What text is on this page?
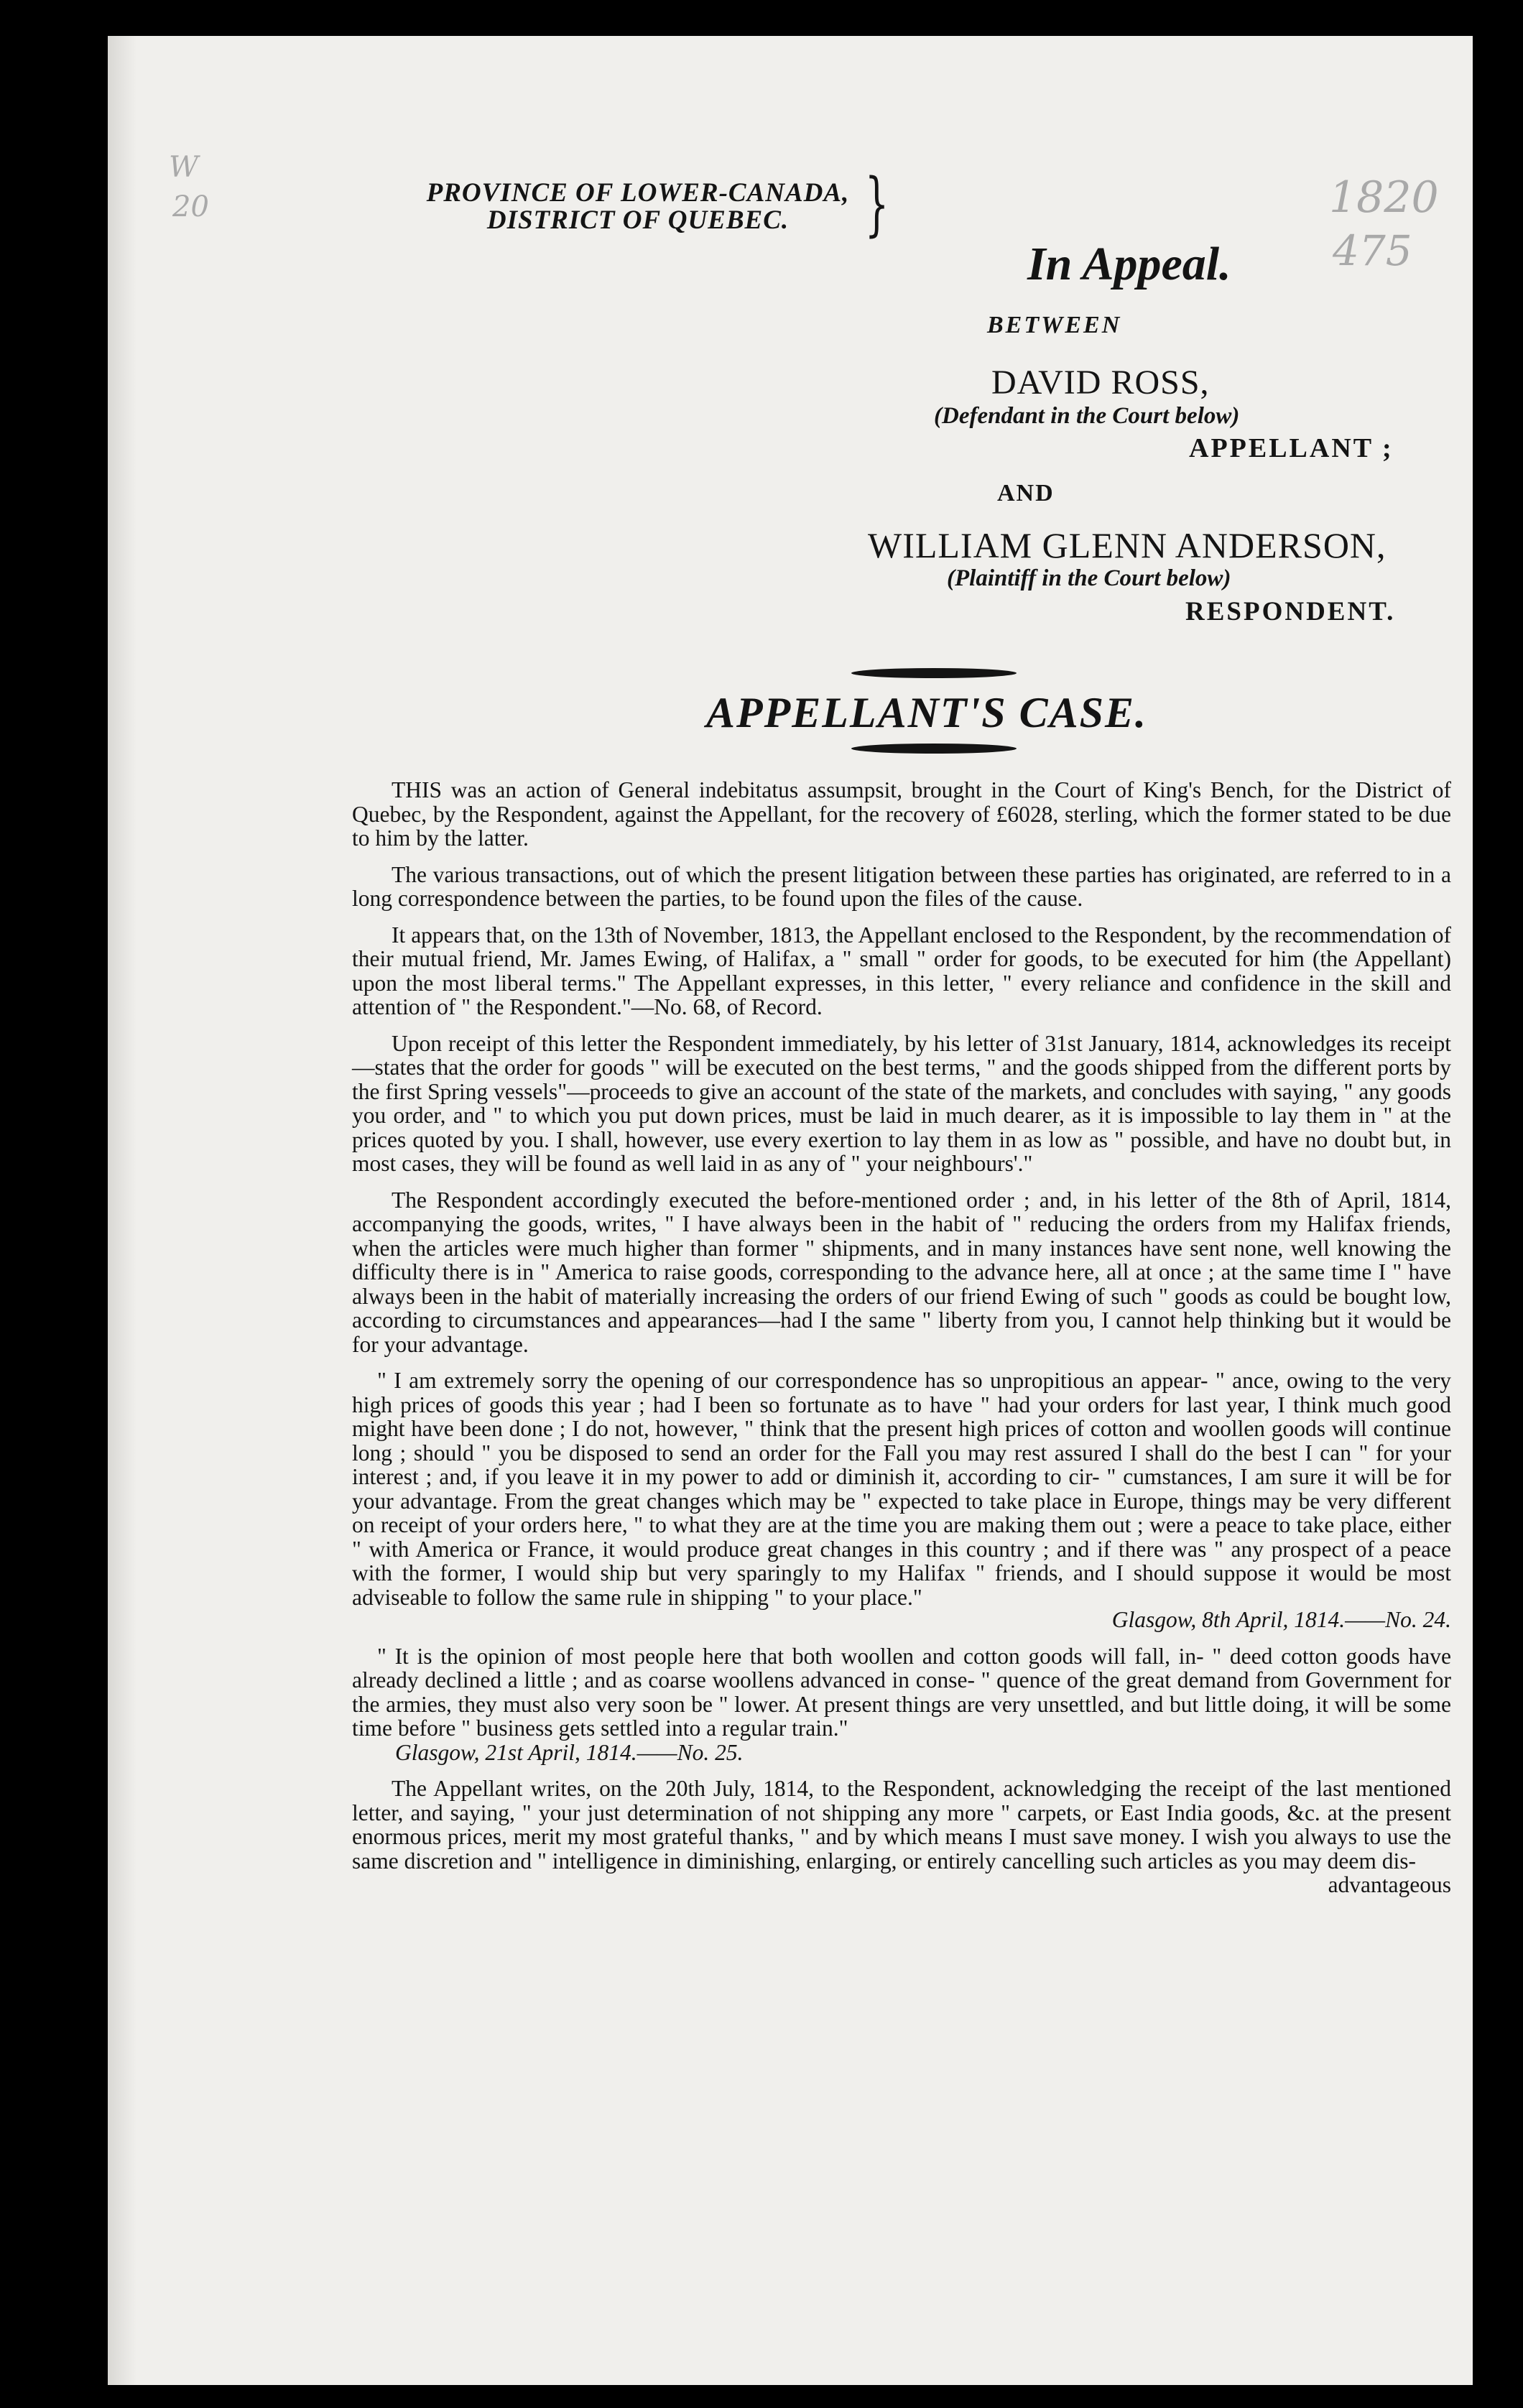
W
20	1820
475
PROVINCE OF LOWER-CANADA,
DISTRICT OF QUEBEC.	}
In Appeal.
BETWEEN
DAVID ROSS,
(Defendant in the Court below)
APPELLANT ;
AND
WILLIAM GLENN ANDERSON,
(Plaintiff in the Court below)
RESPONDENT.
APPELLANT'S CASE.

THIS was an action of General indebitatus assumpsit, brought in the Court of King's Bench, for the District of Quebec, by the Respondent, against the Appellant, for the recovery of £6028, sterling, which the former stated to be due to him by the latter.

The various transactions, out of which the present litigation between these parties has originated, are referred to in a long correspondence between the parties, to be found upon the files of the cause.

It appears that, on the 13th of November, 1813, the Appellant enclosed to the Respondent, by the recommendation of their mutual friend, Mr. James Ewing, of Halifax, a " small " order for goods, to be executed for him (the Appellant) upon the most liberal terms." The Appellant expresses, in this letter, " every reliance and confidence in the skill and attention of " the Respondent."—No. 68, of Record.

Upon receipt of this letter the Respondent immediately, by his letter of 31st January, 1814, acknowledges its receipt—states that the order for goods " will be executed on the best terms, " and the goods shipped from the different ports by the first Spring vessels"—proceeds to give an account of the state of the markets, and concludes with saying, " any goods you order, and " to which you put down prices, must be laid in much dearer, as it is impossible to lay them in " at the prices quoted by you. I shall, however, use every exertion to lay them in as low as " possible, and have no doubt but, in most cases, they will be found as well laid in as any of " your neighbours'."

The Respondent accordingly executed the before-mentioned order ; and, in his letter of the 8th of April, 1814, accompanying the goods, writes, " I have always been in the habit of " reducing the orders from my Halifax friends, when the articles were much higher than former " shipments, and in many instances have sent none, well knowing the difficulty there is in " America to raise goods, corresponding to the advance here, all at once ; at the same time I " have always been in the habit of materially increasing the orders of our friend Ewing of such " goods as could be bought low, according to circumstances and appearances—had I the same " liberty from you, I cannot help thinking but it would be for your advantage.

" I am extremely sorry the opening of our correspondence has so unpropitious an appear- " ance, owing to the very high prices of goods this year ; had I been so fortunate as to have " had your orders for last year, I think much good might have been done ; I do not, however, " think that the present high prices of cotton and woollen goods will continue long ; should " you be disposed to send an order for the Fall you may rest assured I shall do the best I can " for your interest ; and, if you leave it in my power to add or diminish it, according to cir- " cumstances, I am sure it will be for your advantage. From the great changes which may be " expected to take place in Europe, things may be very different on receipt of your orders here, " to what they are at the time you are making them out ; were a peace to take place, either " with America or France, it would produce great changes in this country ; and if there was " any prospect of a peace with the former, I would ship but very sparingly to my Halifax " friends, and I should suppose it would be most adviseable to follow the same rule in shipping " to your place."

Glasgow, 8th April, 1814.——No. 24.

" It is the opinion of most people here that both woollen and cotton goods will fall, in- " deed cotton goods have already declined a little ; and as coarse woollens advanced in conse- " quence of the great demand from Government for the armies, they must also very soon be " lower. At present things are very unsettled, and but little doing, it will be some time before " business gets settled into a regular train."

Glasgow, 21st April, 1814.——No. 25.

The Appellant writes, on the 20th July, 1814, to the Respondent, acknowledging the receipt of the last mentioned letter, and saying, " your just determination of not shipping any more " carpets, or East India goods, &c. at the present enormous prices, merit my most grateful thanks, " and by which means I must save money. I wish you always to use the same discretion and " intelligence in diminishing, enlarging, or entirely cancelling such articles as you may deem dis-

advantageous
